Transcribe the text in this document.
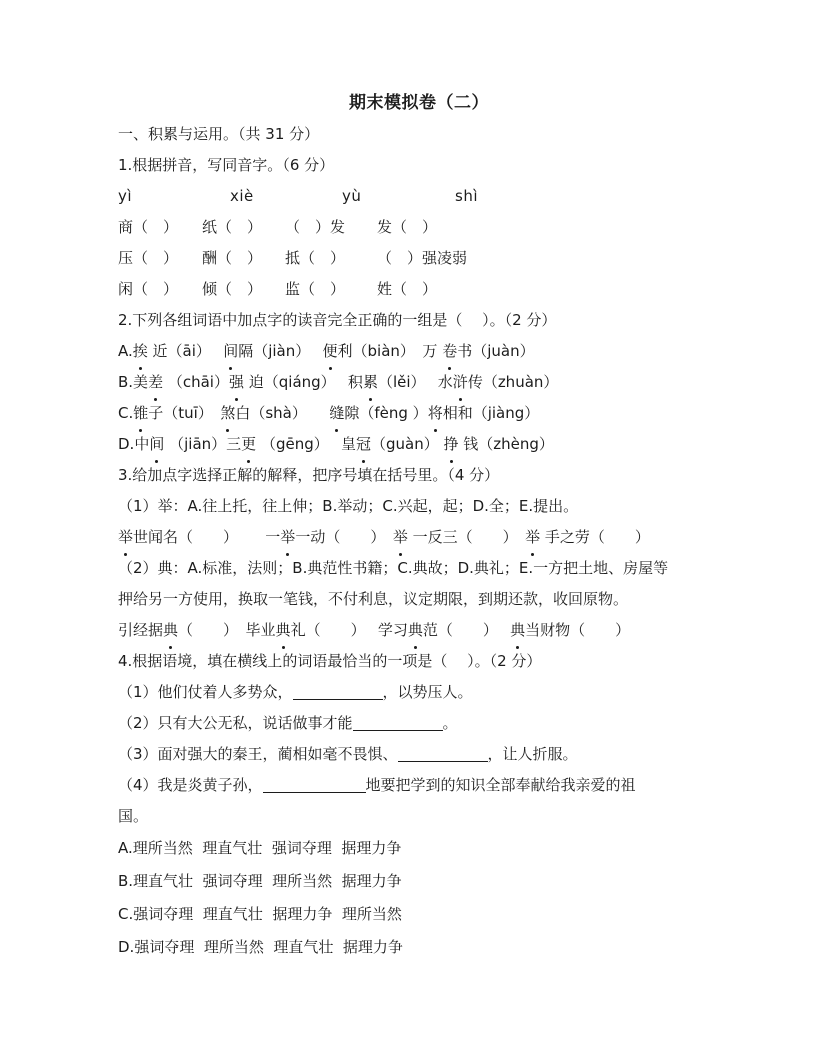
期末模拟卷（二）
一、积累与运用。（共 31 分）
1.根据拼音，写同音字。（6 分）
yì	xiè	yù	shì
商（　） 纸（　） （　）发 发（　）
压（　） 酬（　） 抵（　） （　）强凌弱
闲（　） 倾（　） 监（　） 姓（　）
2.下列各组词语中加点字的读音完全正确的一组是（　 ）。（2 分）
A.挨 近（āi）　 间隔（jiàn）　 便利（biàn）　万 卷书（juàn）
B.美差 （chāi）强 迫（qiáng）　 积累（lěi）　 水浒传（zhuàn）
C.锥子（tuī）　煞白（shà）　　缝隙（fèng ）将相和（jiàng）
D.中间 （jiān）三更 （gēng）　 皇冠（guàn） 挣 钱（zhèng）
3.给加点字选择正解的解释，把序号填在括号里。（4 分）
（1）举：A.往上托，往上伸；B.举动；C.兴起，起；D.全；E.提出。
举世闻名（　　）　　 一举一动（　　）　举 一反三（　　）　举 手之劳（　　）
（2）典：A.标准，法则；B.典范性书籍；C.典故；D.典礼；E.一方把土地、房屋等
押给另一方使用，换取一笔钱，不付利息，议定期限，到期还款，收回原物。
引经据典（　　）　毕业典礼（　　）　 学习典范（　　）　 典当财物（　　）
4.根据语境，填在横线上的词语最恰当的一项是（　 ）。（2 分）
（1）他们仗着人多势众，	，以势压人。
（2）只有大公无私，说话做事才能	。
（3）面对强大的秦王，蔺相如毫不畏惧、	，让人折服。
（4）我是炎黄子孙，	地要把学到的知识全部奉献给我亲爱的祖
国。
A.理所当然  理直气壮  强词夺理  据理力争
B.理直气壮  强词夺理  理所当然  据理力争
C.强词夺理  理直气壮  据理力争  理所当然
D.强词夺理  理所当然  理直气壮  据理力争
